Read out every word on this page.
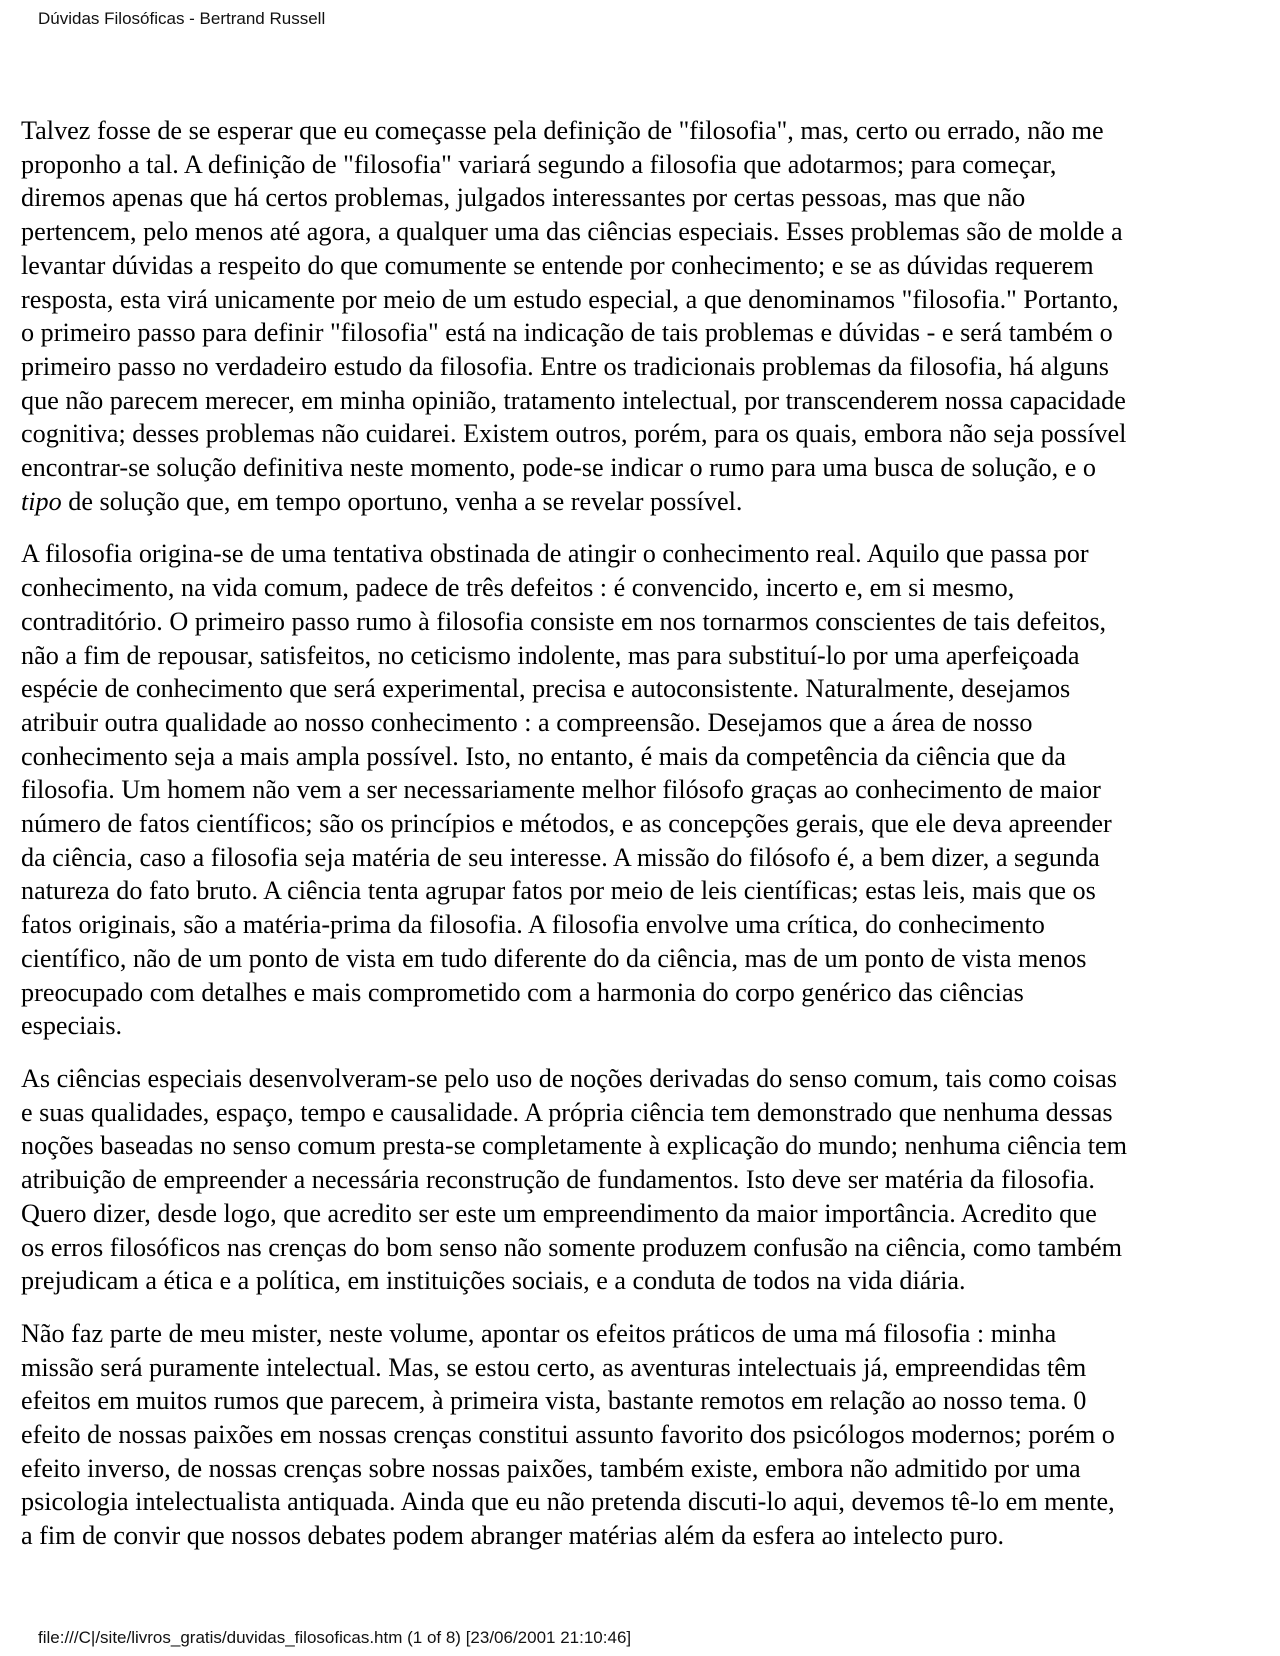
Dúvidas Filosóficas - Bertrand Russell

Talvez fosse de se esperar que eu começasse pela definição de "filosofia", mas, certo ou errado, não me
proponho a tal. A definição de "filosofia" variará segundo a filosofia que adotarmos; para começar,
diremos apenas que há certos problemas, julgados interessantes por certas pessoas, mas que não
pertencem, pelo menos até agora, a qualquer uma das ciências especiais. Esses problemas são de molde a
levantar dúvidas a respeito do que comumente se entende por conhecimento; e se as dúvidas requerem
resposta, esta virá unicamente por meio de um estudo especial, a que denominamos "filosofia." Portanto,
o primeiro passo para definir "filosofia" está na indicação de tais problemas e dúvidas - e será também o
primeiro passo no verdadeiro estudo da filosofia. Entre os tradicionais problemas da filosofia, há alguns
que não parecem merecer, em minha opinião, tratamento intelectual, por transcenderem nossa capacidade
cognitiva; desses problemas não cuidarei. Existem outros, porém, para os quais, embora não seja possível
encontrar-se solução definitiva neste momento, pode-se indicar o rumo para uma busca de solução, e o
tipo de solução que, em tempo oportuno, venha a se revelar possível.

A filosofia origina-se de uma tentativa obstinada de atingir o conhecimento real. Aquilo que passa por
conhecimento, na vida comum, padece de três defeitos : é convencido, incerto e, em si mesmo,
contraditório. O primeiro passo rumo à filosofia consiste em nos tornarmos conscientes de tais defeitos,
não a fim de repousar, satisfeitos, no ceticismo indolente, mas para substituí-lo por uma aperfeiçoada
espécie de conhecimento que será experimental, precisa e autoconsistente. Naturalmente, desejamos
atribuir outra qualidade ao nosso conhecimento : a compreensão. Desejamos que a área de nosso
conhecimento seja a mais ampla possível. Isto, no entanto, é mais da competência da ciência que da
filosofia. Um homem não vem a ser necessariamente melhor filósofo graças ao conhecimento de maior
número de fatos científicos; são os princípios e métodos, e as concepções gerais, que ele deva apreender
da ciência, caso a filosofia seja matéria de seu interesse. A missão do filósofo é, a bem dizer, a segunda
natureza do fato bruto. A ciência tenta agrupar fatos por meio de leis científicas; estas leis, mais que os
fatos originais, são a matéria-prima da filosofia. A filosofia envolve uma crítica, do conhecimento
científico, não de um ponto de vista em tudo diferente do da ciência, mas de um ponto de vista menos
preocupado com detalhes e mais comprometido com a harmonia do corpo genérico das ciências
especiais.

As ciências especiais desenvolveram-se pelo uso de noções derivadas do senso comum, tais como coisas
e suas qualidades, espaço, tempo e causalidade. A própria ciência tem demonstrado que nenhuma dessas
noções baseadas no senso comum presta-se completamente à explicação do mundo; nenhuma ciência tem
atribuição de empreender a necessária reconstrução de fundamentos. Isto deve ser matéria da filosofia.
Quero dizer, desde logo, que acredito ser este um empreendimento da maior importância. Acredito que
os erros filosóficos nas crenças do bom senso não somente produzem confusão na ciência, como também
prejudicam a ética e a política, em instituições sociais, e a conduta de todos na vida diária.

Não faz parte de meu mister, neste volume, apontar os efeitos práticos de uma má filosofia : minha
missão será puramente intelectual. Mas, se estou certo, as aventuras intelectuais já, empreendidas têm
efeitos em muitos rumos que parecem, à primeira vista, bastante remotos em relação ao nosso tema. 0
efeito de nossas paixões em nossas crenças constitui assunto favorito dos psicólogos modernos; porém o
efeito inverso, de nossas crenças sobre nossas paixões, também existe, embora não admitido por uma
psicologia intelectualista antiquada. Ainda que eu não pretenda discuti-lo aqui, devemos tê-lo em mente,
a fim de convir que nossos debates podem abranger matérias além da esfera ao intelecto puro.

file:///C|/site/livros_gratis/duvidas_filosoficas.htm (1 of 8) [23/06/2001 21:10:46]
